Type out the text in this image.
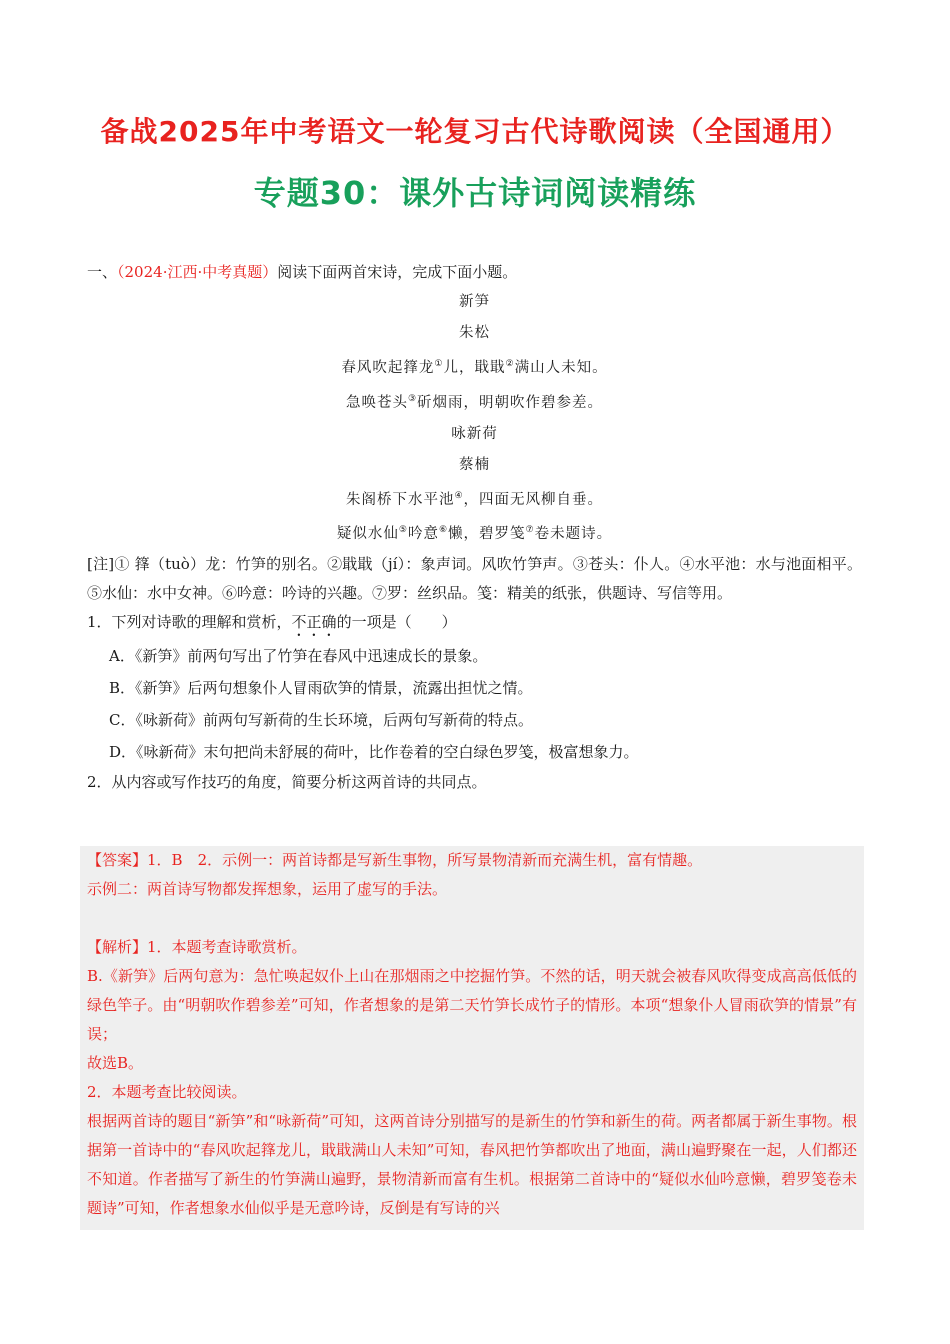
备战2025年中考语文一轮复习古代诗歌阅读（全国通用）
专题30：课外古诗词阅读精练
一、（2024·江西·中考真题）阅读下面两首宋诗，完成下面小题。
新笋
朱松
春风吹起箨龙①儿，戢戢②满山人未知。
急唤苍头③斫烟雨，明朝吹作碧参差。
咏新荷
蔡楠
朱阁桥下水平池④，四面无风柳自垂。
疑似水仙⑤吟意⑥懒，碧罗笺⑦卷未题诗。
[注]① 箨（tuò）龙：竹笋的别名。②戢戢（jí）：象声词。风吹竹笋声。③苍头：仆人。④水平池：水与池面相平。⑤水仙：水中女神。⑥吟意：吟诗的兴趣。⑦罗：丝织品。笺：精美的纸张，供题诗、写信等用。
1．下列对诗歌的理解和赏析，不正确的一项是（　　）
A．《新笋》前两句写出了竹笋在春风中迅速成长的景象。
B．《新笋》后两句想象仆人冒雨砍笋的情景，流露出担忧之情。
C．《咏新荷》前两句写新荷的生长环境，后两句写新荷的特点。
D．《咏新荷》末句把尚未舒展的荷叶，比作卷着的空白绿色罗笺，极富想象力。
2．从内容或写作技巧的角度，简要分析这两首诗的共同点。
【答案】1．B　2．示例一：两首诗都是写新生事物，所写景物清新而充满生机，富有情趣。
示例二：两首诗写物都发挥想象，运用了虚写的手法。
【解析】1．本题考查诗歌赏析。
B.《新笋》后两句意为：急忙唤起奴仆上山在那烟雨之中挖掘竹笋。不然的话，明天就会被春风吹得变成高高低低的绿色竿子。由“明朝吹作碧参差”可知，作者想象的是第二天竹笋长成竹子的情形。本项“想象仆人冒雨砍笋的情景”有误；
故选B。
2．本题考查比较阅读。
根据两首诗的题目“新笋”和“咏新荷”可知，这两首诗分别描写的是新生的竹笋和新生的荷。两者都属于新生事物。根据第一首诗中的“春风吹起箨龙儿，戢戢满山人未知”可知，春风把竹笋都吹出了地面，满山遍野聚在一起，人们都还不知道。作者描写了新生的竹笋满山遍野，景物清新而富有生机。根据第二首诗中的“疑似水仙吟意懒，碧罗笺卷未题诗”可知，作者想象水仙似乎是无意吟诗，反倒是有写诗的兴
